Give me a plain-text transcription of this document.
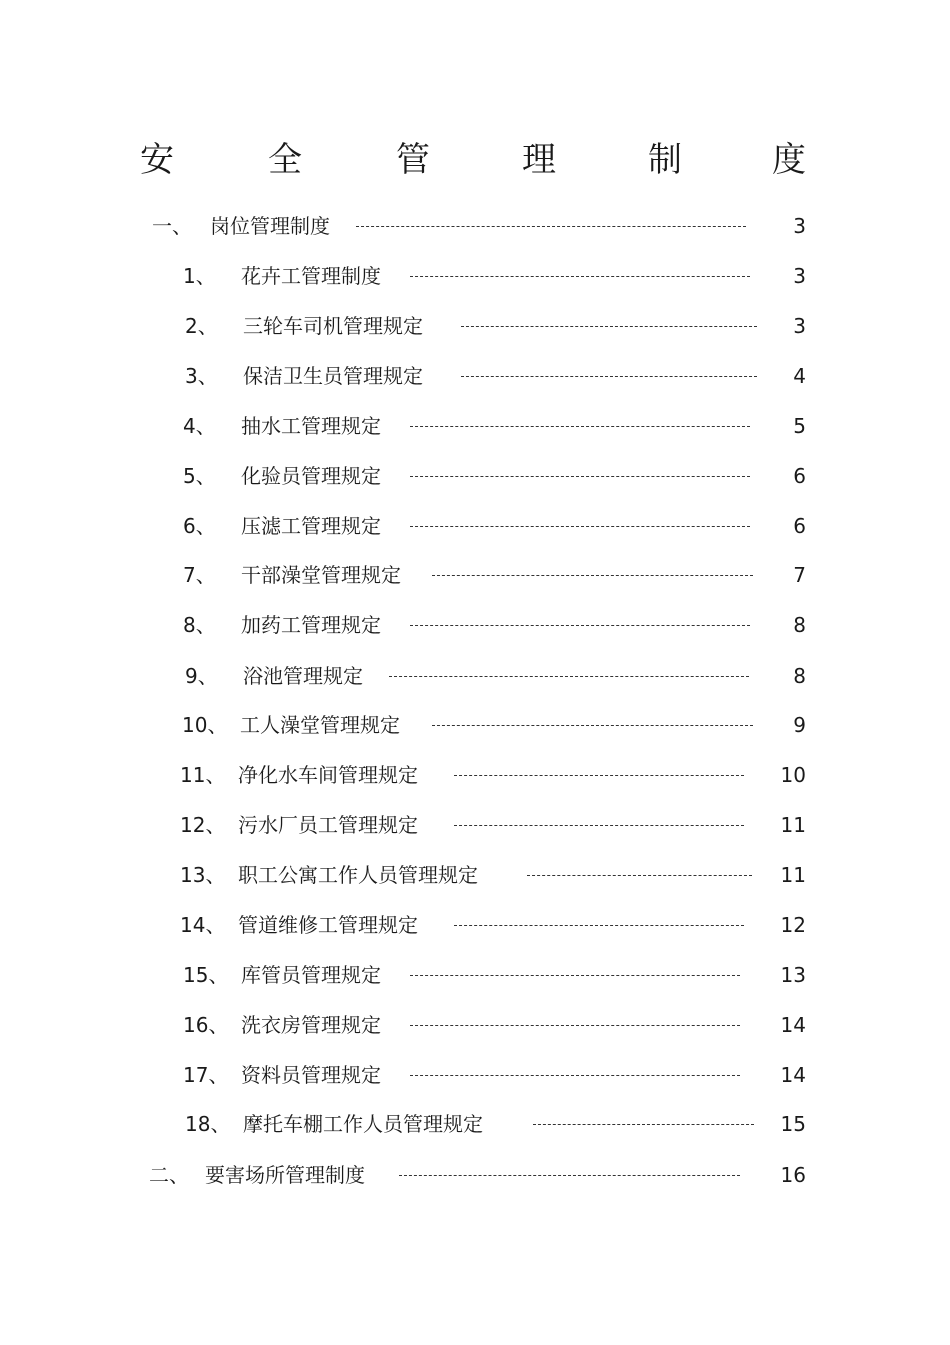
安	全	管	理	制	度
一、 岗位管理制度	3
1、 花卉工管理制度	3
2、 三轮车司机管理规定	3
3、 保洁卫生员管理规定	4
4、 抽水工管理规定	5
5、 化验员管理规定	6
6、 压滤工管理规定	6
7、 干部澡堂管理规定	7
8、 加药工管理规定	8
9、 浴池管理规定	8
10、 工人澡堂管理规定	9
11、 净化水车间管理规定	10
12、 污水厂员工管理规定	11
13、 职工公寓工作人员管理规定	11
14、 管道维修工管理规定	12
15、 库管员管理规定	13
16、 洗衣房管理规定	14
17、 资料员管理规定	14
18、 摩托车棚工作人员管理规定	15
二、 要害场所管理制度	16
